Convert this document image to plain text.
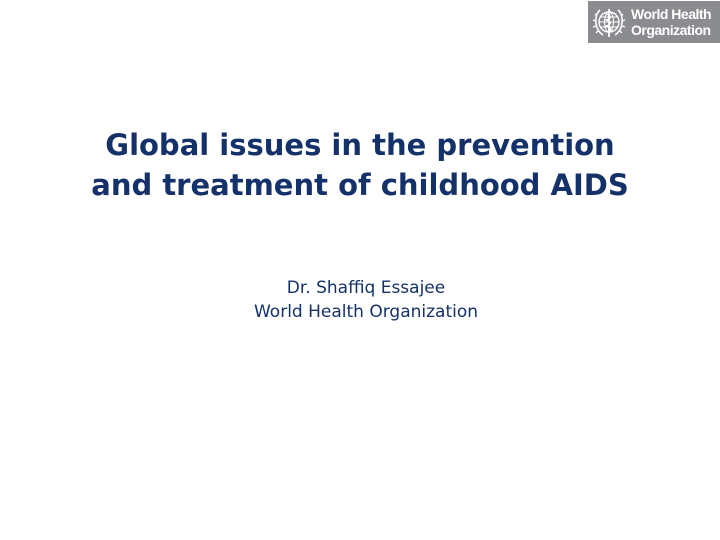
World Health
Organization
Global issues in the prevention
and treatment of childhood AIDS
Dr. Shaffiq Essajee
World Health Organization
